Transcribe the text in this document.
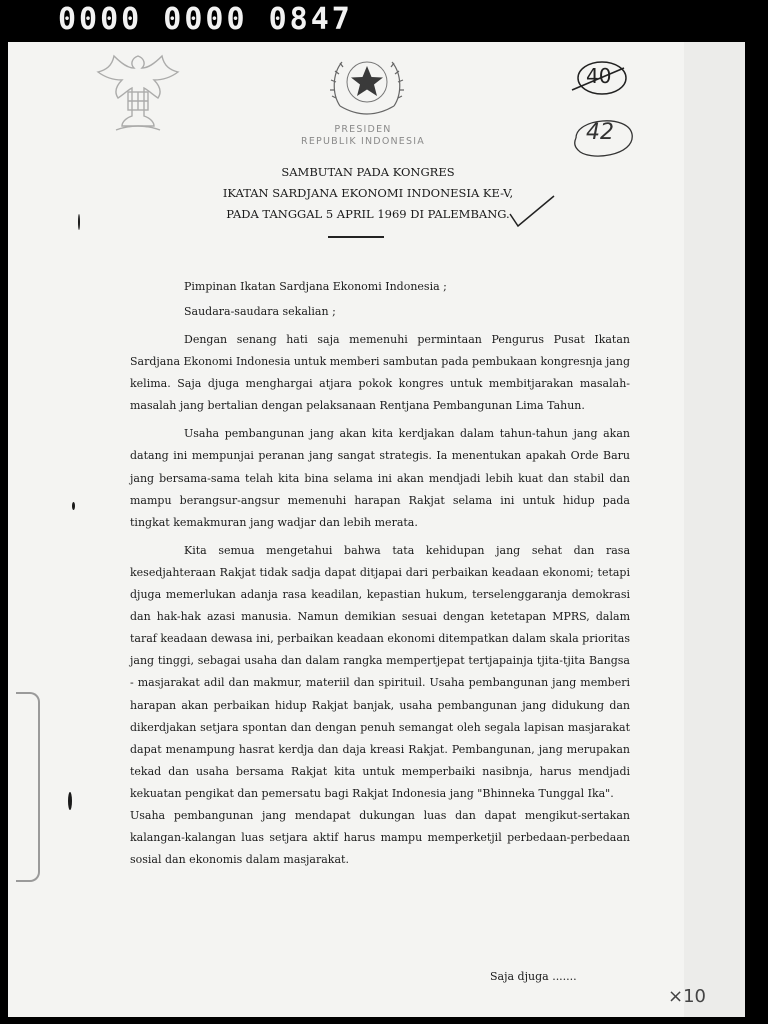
0000 0000 0847
PRESIDEN
REPUBLIK INDONESIA
40
42
SAMBUTAN PADA KONGRES
IKATAN SARDJANA EKONOMI INDONESIA KE-V,
PADA TANGGAL 5 APRIL 1969 DI PALEMBANG.

Pimpinan Ikatan Sardjana Ekonomi Indonesia ;

Saudara-saudara sekalian ;

Dengan senang hati saja memenuhi permintaan Pengurus Pusat Ikatan Sardjana Ekonomi Indonesia untuk memberi sambutan pada pembukaan kongresnja jang kelima. Saja djuga menghargai atjara pokok kongres untuk membitjarakan masalah-masalah jang bertalian dengan pelaksanaan Rentjana Pembangunan Lima Tahun.

Usaha pembangunan jang akan kita kerdjakan dalam tahun-tahun jang akan datang ini mempunjai peranan jang sangat strategis. Ia menentukan apakah Orde Baru jang bersama-sama telah kita bina selama ini akan mendjadi lebih kuat dan stabil dan mampu berangsur-angsur memenuhi harapan Rakjat selama ini untuk hidup pada tingkat kemakmuran jang wadjar dan lebih merata.

Kita semua mengetahui bahwa tata kehidupan jang sehat dan rasa kesedjahteraan Rakjat tidak sadja dapat ditjapai dari perbaikan keadaan ekonomi; tetapi djuga memerlukan adanja rasa keadilan, kepastian hukum, terselenggaranja demokrasi dan hak-hak azasi manusia. Namun demikian sesuai dengan ketetapan MPRS, dalam taraf keadaan dewasa ini, perbaikan keadaan ekonomi ditempatkan dalam skala prioritas jang tinggi, sebagai usaha dan dalam rangka mempertjepat tertjapainja tjita-tjita Bangsa - masjarakat adil dan makmur, materiil dan spirituil. Usaha pembangunan jang memberi harapan akan perbaikan hidup Rakjat banjak, usaha pembangunan jang didukung dan dikerdjakan setjara spontan dan dengan penuh semangat oleh segala lapisan masjarakat dapat menampung hasrat kerdja dan daja kreasi Rakjat. Pembangunan, jang merupakan tekad dan usaha bersama Rakjat kita untuk memperbaiki nasibnja, harus mendjadi kekuatan pengikat dan pemersatu bagi Rakjat Indonesia jang "Bhinneka Tunggal Ika".

Usaha pembangunan jang mendapat dukungan luas dan dapat mengikut-sertakan kalangan-kalangan luas setjara aktif harus mampu memperketjil perbedaan-perbedaan sosial dan ekonomis dalam masjarakat.

Saja djuga .......
×10
